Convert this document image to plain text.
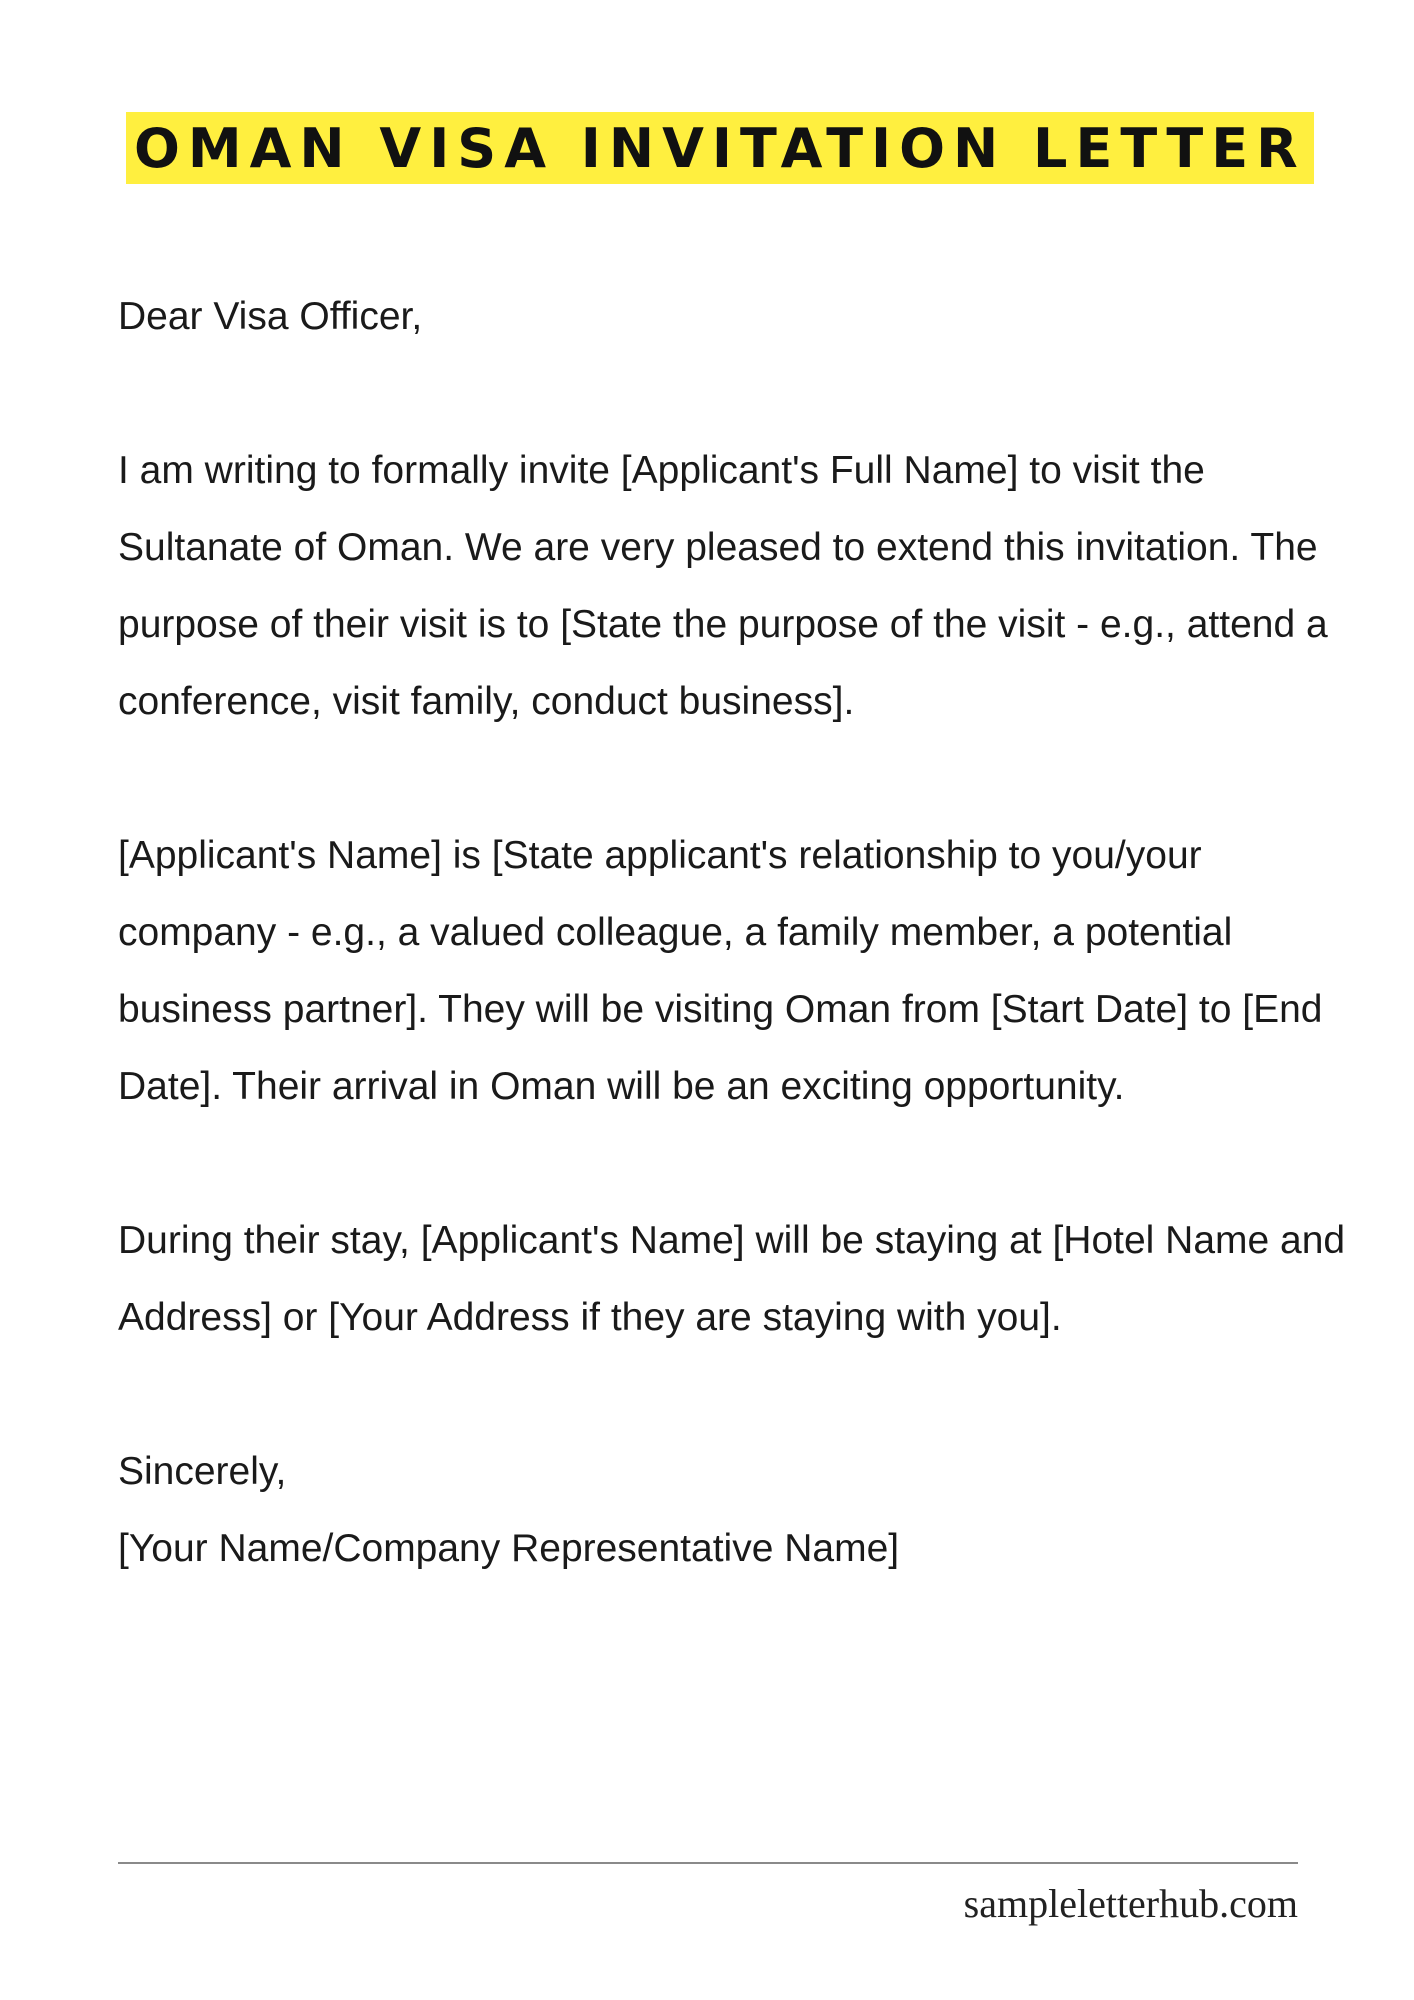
OMAN VISA INVITATION LETTER

Dear Visa Officer,

I am writing to formally invite [Applicant's Full Name] to visit the Sultanate of Oman. We are very pleased to extend this invitation. The purpose of their visit is to [State the purpose of the visit - e.g., attend a conference, visit family, conduct business].

[Applicant's Name] is [State applicant's relationship to you/your company - e.g., a valued colleague, a family member, a potential business partner]. They will be visiting Oman from [Start Date] to [End Date]. Their arrival in Oman will be an exciting opportunity.

During their stay, [Applicant's Name] will be staying at [Hotel Name and Address] or [Your Address if they are staying with you].

Sincerely,

[Your Name/Company Representative Name]

sampleletterhub.com
